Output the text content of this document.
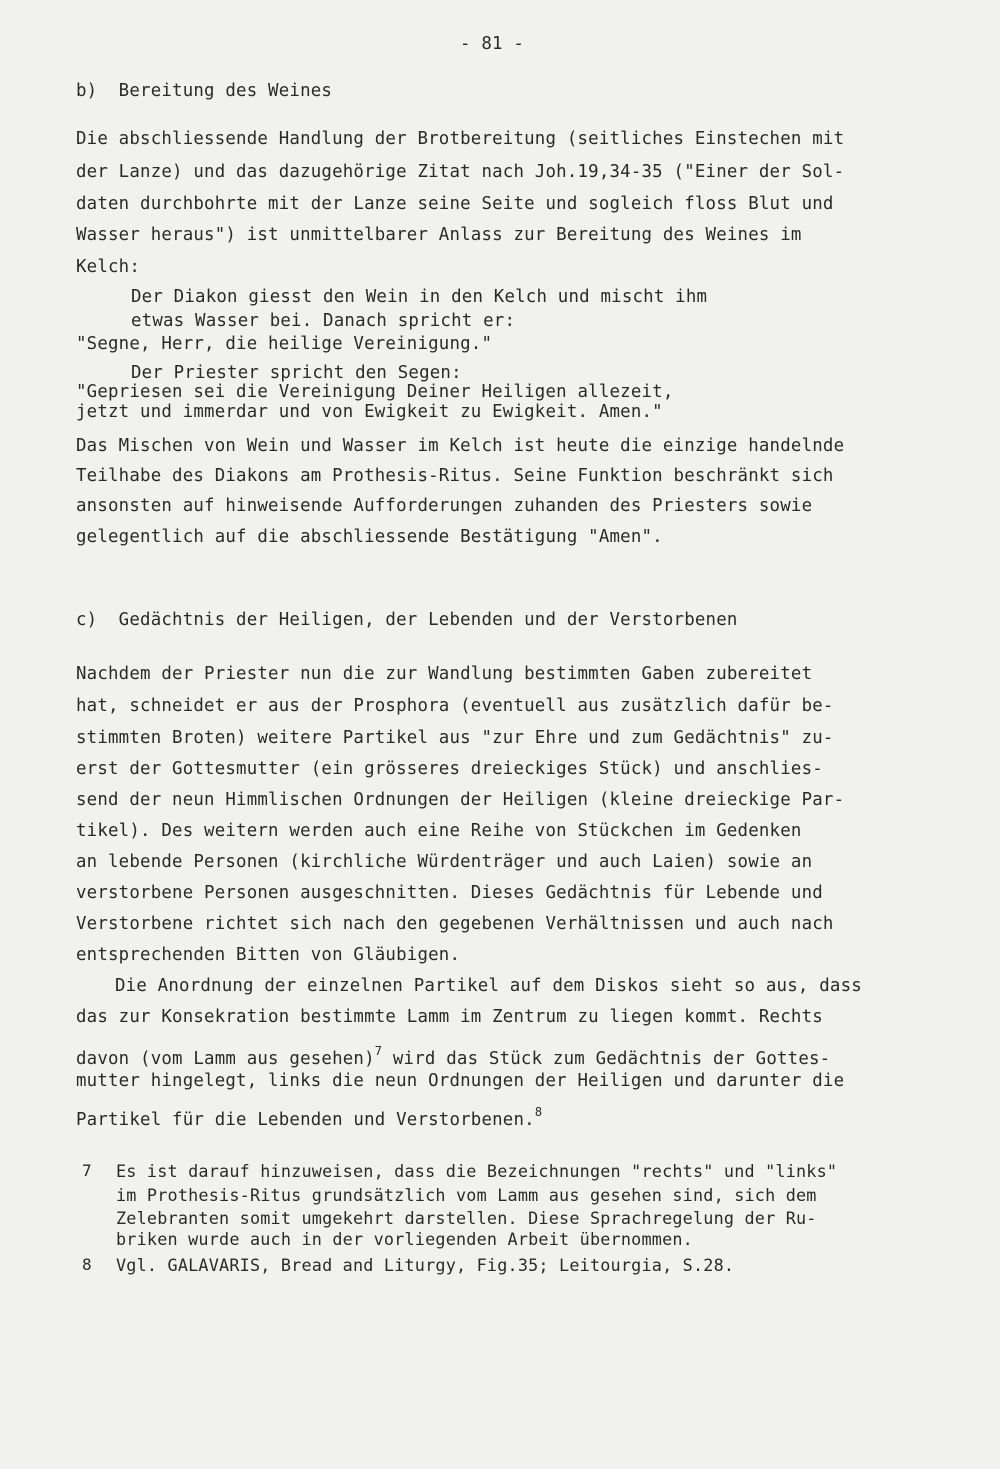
- 81 -
b)  Bereitung des Weines
Die abschliessende Handlung der Brotbereitung (seitliches Einstechen mit
der Lanze) und das dazugehörige Zitat nach Joh.19,34-35 ("Einer der Sol-
daten durchbohrte mit der Lanze seine Seite und sogleich floss Blut und
Wasser heraus") ist unmittelbarer Anlass zur Bereitung des Weines im
Kelch:
Der Diakon giesst den Wein in den Kelch und mischt ihm
etwas Wasser bei. Danach spricht er:
"Segne, Herr, die heilige Vereinigung."
Der Priester spricht den Segen:
"Gepriesen sei die Vereinigung Deiner Heiligen allezeit,
jetzt und immerdar und von Ewigkeit zu Ewigkeit. Amen."
Das Mischen von Wein und Wasser im Kelch ist heute die einzige handelnde
Teilhabe des Diakons am Prothesis-Ritus. Seine Funktion beschränkt sich
ansonsten auf hinweisende Aufforderungen zuhanden des Priesters sowie
gelegentlich auf die abschliessende Bestätigung "Amen".
c)  Gedächtnis der Heiligen, der Lebenden und der Verstorbenen
Nachdem der Priester nun die zur Wandlung bestimmten Gaben zubereitet
hat, schneidet er aus der Prosphora (eventuell aus zusätzlich dafür be-
stimmten Broten) weitere Partikel aus "zur Ehre und zum Gedächtnis" zu-
erst der Gottesmutter (ein grösseres dreieckiges Stück) und anschlies-
send der neun Himmlischen Ordnungen der Heiligen (kleine dreieckige Par-
tikel). Des weitern werden auch eine Reihe von Stückchen im Gedenken
an lebende Personen (kirchliche Würdenträger und auch Laien) sowie an
verstorbene Personen ausgeschnitten. Dieses Gedächtnis für Lebende und
Verstorbene richtet sich nach den gegebenen Verhältnissen und auch nach
entsprechenden Bitten von Gläubigen.
Die Anordnung der einzelnen Partikel auf dem Diskos sieht so aus, dass
das zur Konsekration bestimmte Lamm im Zentrum zu liegen kommt. Rechts
davon (vom Lamm aus gesehen)$^7$ wird das Stück zum Gedächtnis der Gottes-
mutter hingelegt, links die neun Ordnungen der Heiligen und darunter die
Partikel für die Lebenden und Verstorbenen.$^8$
7 Es ist darauf hinzuweisen, dass die Bezeichnungen "rechts" und "links"
im Prothesis-Ritus grundsätzlich vom Lamm aus gesehen sind, sich dem
Zelebranten somit umgekehrt darstellen. Diese Sprachregelung der Ru-
briken wurde auch in der vorliegenden Arbeit übernommen.
8 Vgl. GALAVARIS, Bread and Liturgy, Fig.35; Leitourgia, S.28.
